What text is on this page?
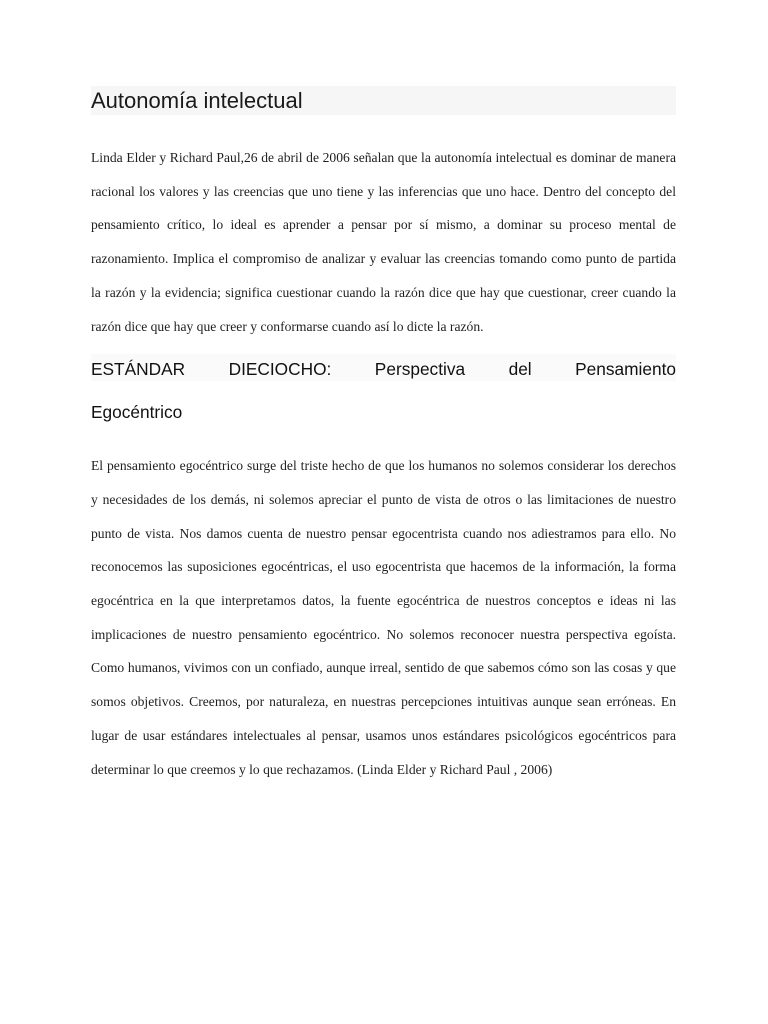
Autonomía intelectual

Linda Elder y Richard Paul,26 de abril de 2006 señalan que la autonomía intelectual es dominar de manera racional los valores y las creencias que uno tiene y las inferencias que uno hace. Dentro del concepto del pensamiento crítico, lo ideal es aprender a pensar por sí mismo, a dominar su proceso mental de razonamiento. Implica el compromiso de analizar y evaluar las creencias tomando como punto de partida la razón y la evidencia; significa cuestionar cuando la razón dice que hay que cuestionar, creer cuando la razón dice que hay que creer y conformarse cuando así lo dicte la razón.

ESTÁNDAR DIECIOCHO: Perspectiva del Pensamiento
Egocéntrico

El pensamiento egocéntrico surge del triste hecho de que los humanos no solemos considerar los derechos y necesidades de los demás, ni solemos apreciar el punto de vista de otros o las limitaciones de nuestro punto de vista. Nos damos cuenta de nuestro pensar egocentrista cuando nos adiestramos para ello. No reconocemos las suposiciones egocéntricas, el uso egocentrista que hacemos de la información, la forma egocéntrica en la que interpretamos datos, la fuente egocéntrica de nuestros conceptos e ideas ni las implicaciones de nuestro pensamiento egocéntrico. No solemos reconocer nuestra perspectiva egoísta. Como humanos, vivimos con un confiado, aunque irreal, sentido de que sabemos cómo son las cosas y que somos objetivos. Creemos, por naturaleza, en nuestras percepciones intuitivas aunque sean erróneas. En lugar de usar estándares intelectuales al pensar, usamos unos estándares psicológicos egocéntricos para determinar lo que creemos y lo que rechazamos. (Linda Elder y Richard Paul , 2006)
